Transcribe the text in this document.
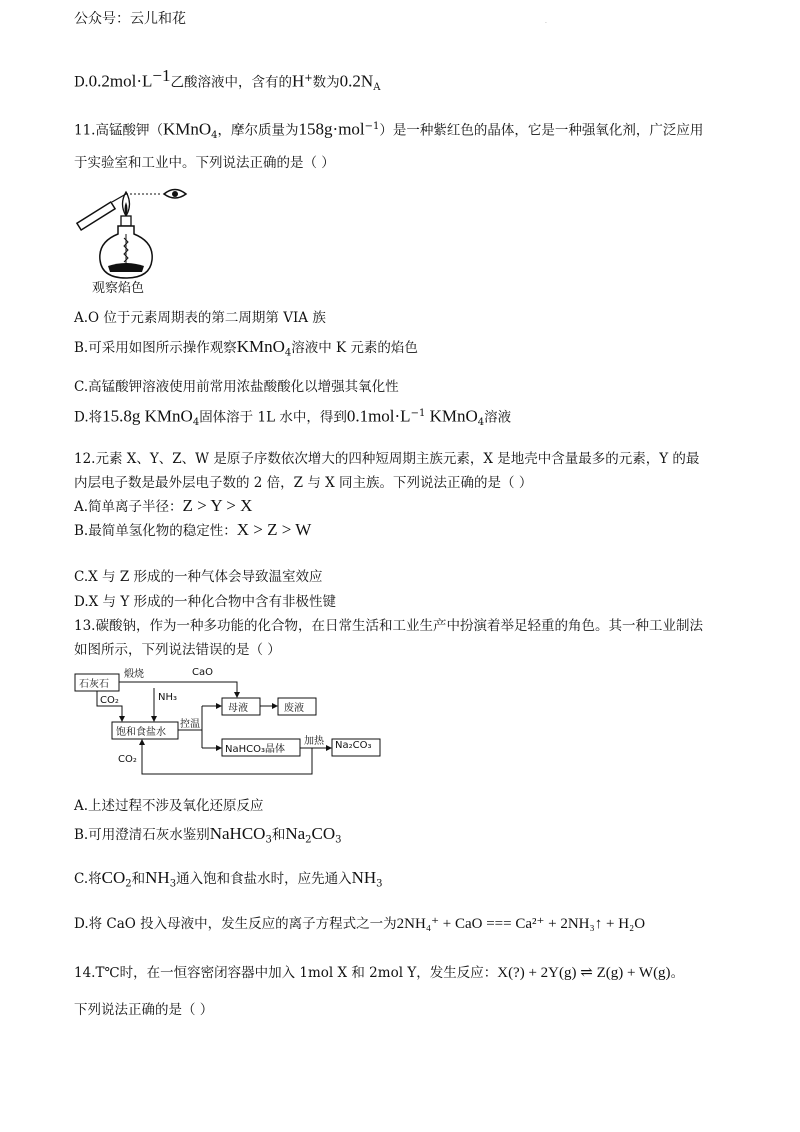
公众号：云儿和花	·
$D.0.2mol\cdot L^{-1}$乙酸溶液中，含有的H+数为$0.2N_A$
11.高锰酸钾（KMnO$_4$，摩尔质量为158g·mol$^{-1}$）是一种紫红色的晶体，它是一种强氧化剂，广泛应用
于实验室和工业中。下列说法正确的是（ ）
观察焰色
A.O 位于元素周期表的第二周期第 VIA 族
B.可采用如图所示操作观察KMnO$_4$溶液中 K 元素的焰色
C.高锰酸钾溶液使用前常用浓盐酸酸化以增强其氧化性
D.将15.8g KMnO$_4$固体溶于 1L 水中，得到$0.1mol\cdot L^{-1}$ KMnO$_4$溶液
12.元素 X、Y、Z、W 是原子序数依次增大的四种短周期主族元素，X 是地壳中含量最多的元素，Y 的最
内层电子数是最外层电子数的 2 倍，Z 与 X 同主族。下列说法正确的是（ ）
A.简单离子半径：Z > Y > X
B.最简单氢化物的稳定性：X > Z > W
C.X 与 Z 形成的一种气体会导致温室效应
D.X 与 Y 形成的一种化合物中含有非极性键
13.碳酸钠，作为一种多功能的化合物，在日常生活和工业生产中扮演着举足轻重的角色。其一种工业制法
如图所示，下列说法错误的是（ ）
石灰石
煅烧	CaO
CO₂	NH₃
饱和食盐水
控温
母液	废液
NaHCO₃晶体
加热 Na₂CO₃
CO₂
A.上述过程不涉及氧化还原反应
B.可用澄清石灰水鉴别NaHCO$_3$和$Na_2CO_3$
C.将$CO_2$和$NH_3$通入饱和食盐水时，应先通入$NH_3$
D.将 CaO 投入母液中，发生反应的离子方程式之一为2NH₄⁺ + CaO === Ca²⁺ + 2NH₃↑ + H₂O
14.T℃时，在一恒容密闭容器中加入 1mol X 和 2mol Y，发生反应：X(?) + 2Y(g) ⇌ Z(g) + W(g)。
下列说法正确的是（ ）
